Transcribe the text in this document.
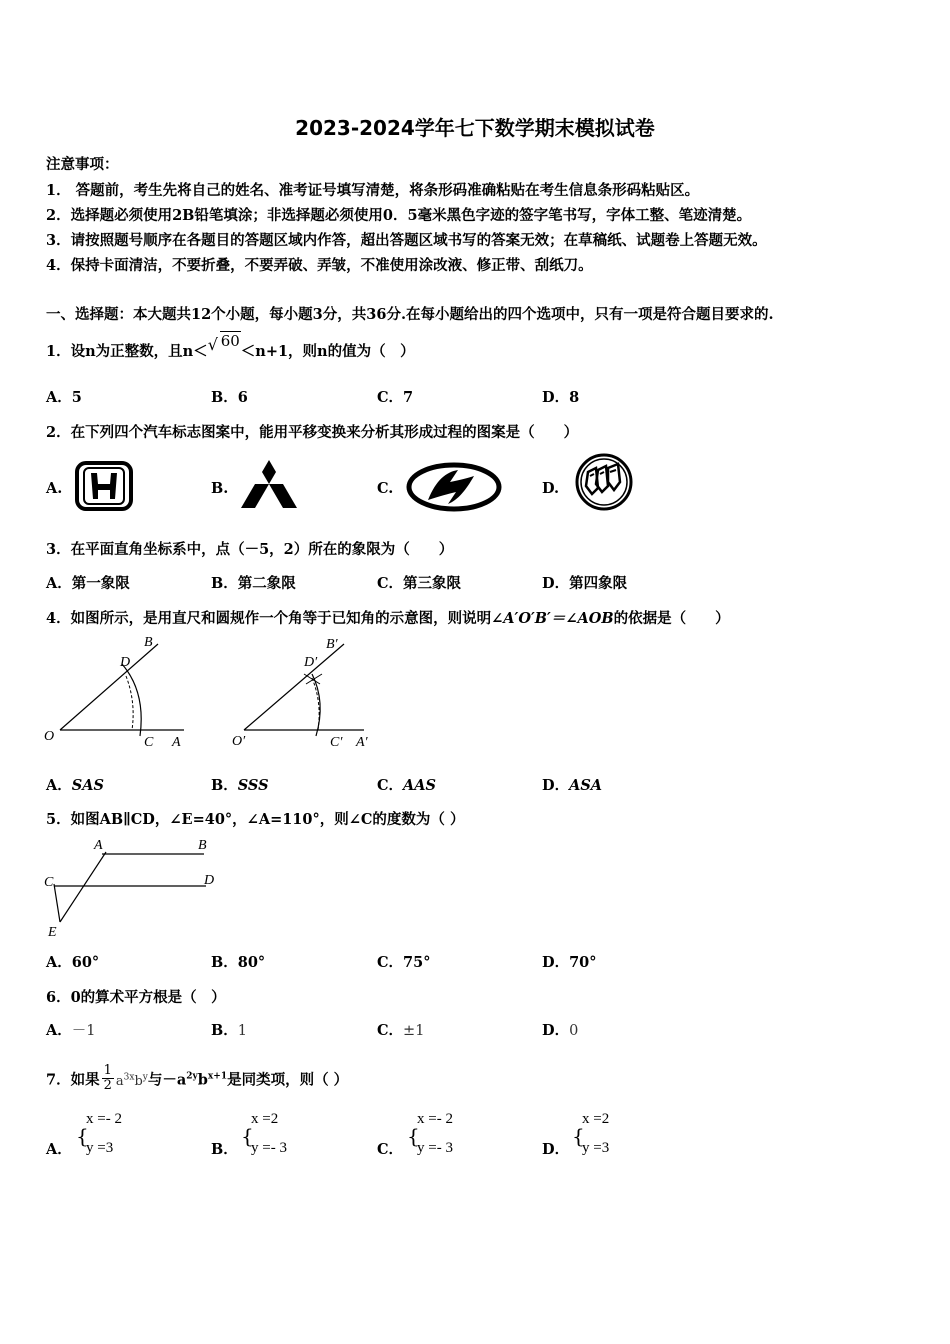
2023-2024学年七下数学期末模拟试卷
注意事项：
1． 答题前，考生先将自己的姓名、准考证号填写清楚，将条形码准确粘贴在考生信息条形码粘贴区。
2．选择题必须使用2B铅笔填涂；非选择题必须使用0．5毫米黑色字迹的签字笔书写，字体工整、笔迹清楚。
3．请按照题号顺序在各题目的答题区域内作答，超出答题区域书写的答案无效；在草稿纸、试题卷上答题无效。
4．保持卡面清洁，不要折叠，不要弄破、弄皱，不准使用涂改液、修正带、刮纸刀。
一、选择题：本大题共12个小题，每小题3分，共36分.在每小题给出的四个选项中，只有一项是符合题目要求的.
1．设n为正整数，且n＜ √ 60＜n+1，则n的值为（　）
A．5	B．6	C．7	D．8
2．在下列四个汽车标志图案中，能用平移变换来分析其形成过程的图案是（　　）
A.	B.	C.	D.
3．在平面直角坐标系中，点（－5，2）所在的象限为（　　）
A．第一象限	B．第二象限	C．第三象限	D．第四象限
4．如图所示，是用直尺和圆规作一个角等于已知角的示意图，则说明∠A′O′B′＝∠AOB的依据是（　　）
B
D
O	C A
B′
D′
O′	C′ A′
A．SAS	B．SSS	C．AAS	D．ASA
5．如图AB∥CD，∠E=40°，∠A=110°，则∠C的度数为（ ）
A	B
C	D
E
A．60°	B．80°	C．75°	D．70°
6．0的算术平方根是（　）
A．－1	B．1	C．±1	D．0
7．如果 $\frac{1}{2} a^{3x}b^y$与$-a^{2y}b^{x+1}$是同类项，则（ ）
A．
{
x =- 2
y =3	B．
{
x =2
y =- 3	C．
{
x =- 2
y =- 3	D．
{
x =2
y =3
